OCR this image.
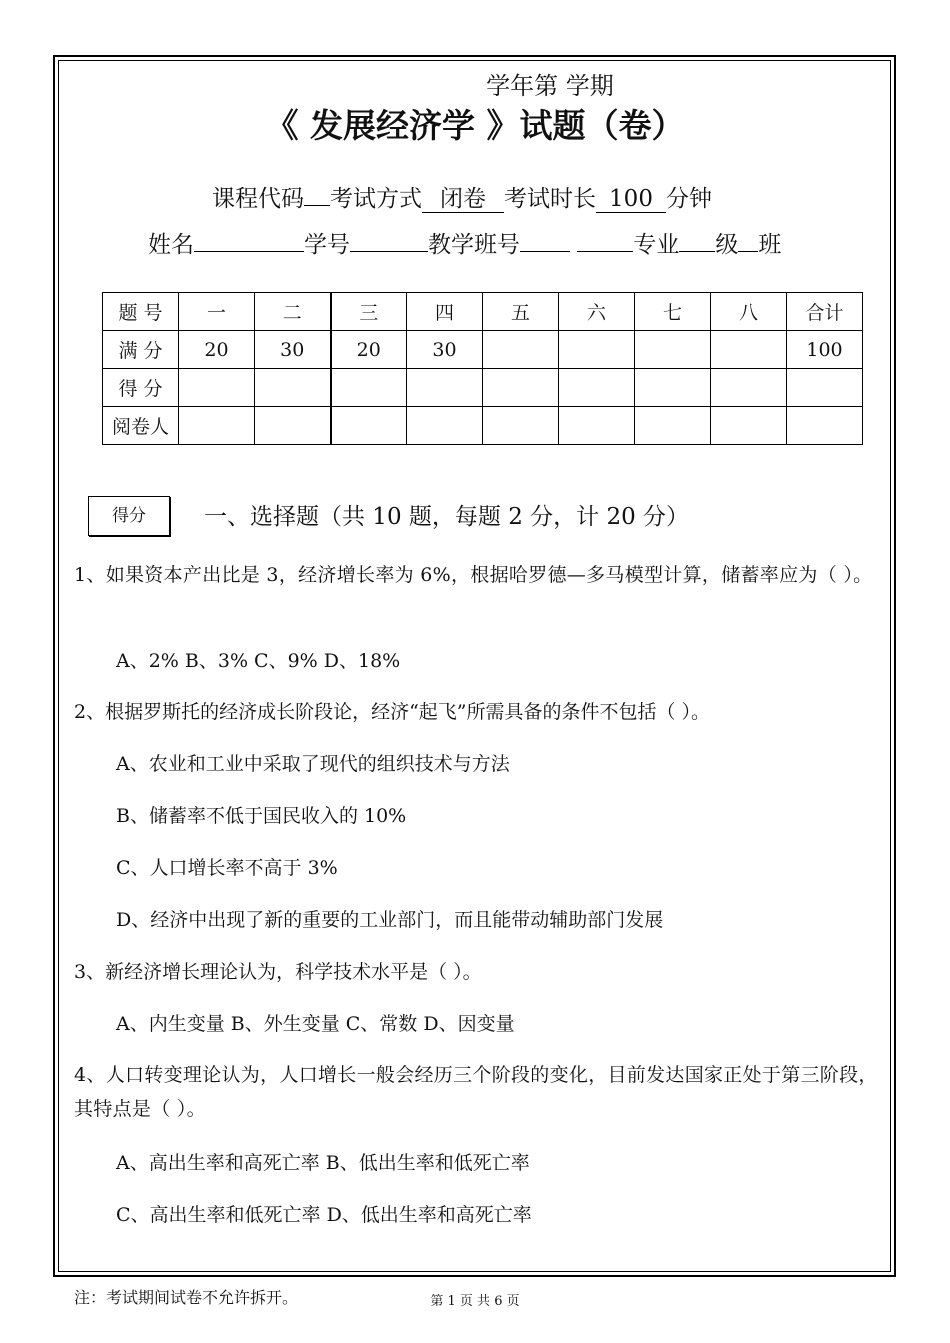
学年第 学期
《 发展经济学 》试题（卷）
课程代码 考试方式 闭卷 考试时长 100 分钟
姓名	学号	教学班号	专业 级 班
题 号	一	二	三	四	五	六	七	八	合计
满 分	20	30	20	30					100
得 分									
阅卷人									
得分	一、选择题（共 10 题，每题 2 分，计 20 分）
1、如果资本产出比是 3，经济增长率为 6%，根据哈罗德—多马模型计算，储蓄率应为（ ）。
A、2% B、3% C、9% D、18%
2、根据罗斯托的经济成长阶段论，经济“起飞”所需具备的条件不包括（ ）。
A、农业和工业中采取了现代的组织技术与方法
B、储蓄率不低于国民收入的 10%
C、人口增长率不高于 3%
D、经济中出现了新的重要的工业部门，而且能带动辅助部门发展
3、新经济增长理论认为，科学技术水平是（ ）。
A、内生变量 B、外生变量 C、常数 D、因变量
4、人口转变理论认为，人口增长一般会经历三个阶段的变化，目前发达国家正处于第三阶段，其特点是（ ）。
A、高出生率和高死亡率 B、低出生率和低死亡率
C、高出生率和低死亡率 D、低出生率和高死亡率
注：考试期间试卷不允许拆开。	第 1 页 共 6 页
